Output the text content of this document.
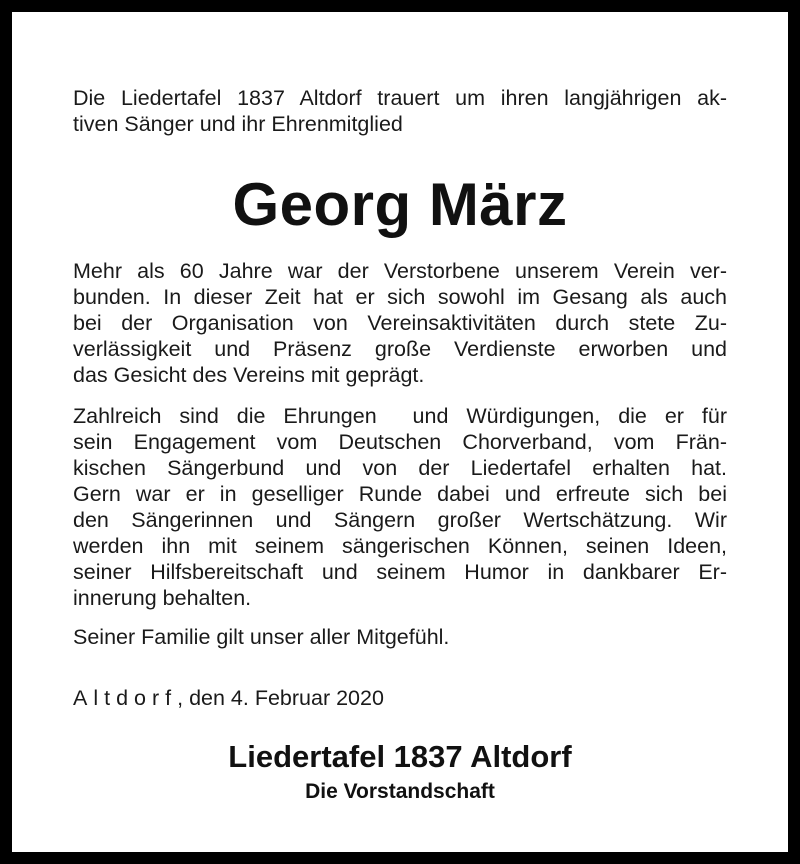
Die Liedertafel 1837 Altdorf trauert um ihren langjährigen ak-
tiven Sänger und ihr Ehrenmitglied
Georg März
Mehr als 60 Jahre war der Verstorbene unserem Verein ver-
bunden. In dieser Zeit hat er sich sowohl im Gesang als auch
bei der Organisation von Vereinsaktivitäten durch stete Zu-
verlässigkeit und Präsenz große Verdienste erworben und
das Gesicht des Vereins mit geprägt.
Zahlreich sind die Ehrungen  und Würdigungen, die er für
sein Engagement vom Deutschen Chorverband, vom Frän-
kischen Sängerbund und von der Liedertafel erhalten hat.
Gern war er in geselliger Runde dabei und erfreute sich bei
den Sängerinnen und Sängern großer Wertschätzung. Wir
werden ihn mit seinem sängerischen Können, seinen Ideen,
seiner Hilfsbereitschaft und seinem Humor in dankbarer Er-
innerung behalten.
Seiner Familie gilt unser aller Mitgefühl.
Altdorf, den 4. Februar 2020
Liedertafel 1837 Altdorf
Die Vorstandschaft
